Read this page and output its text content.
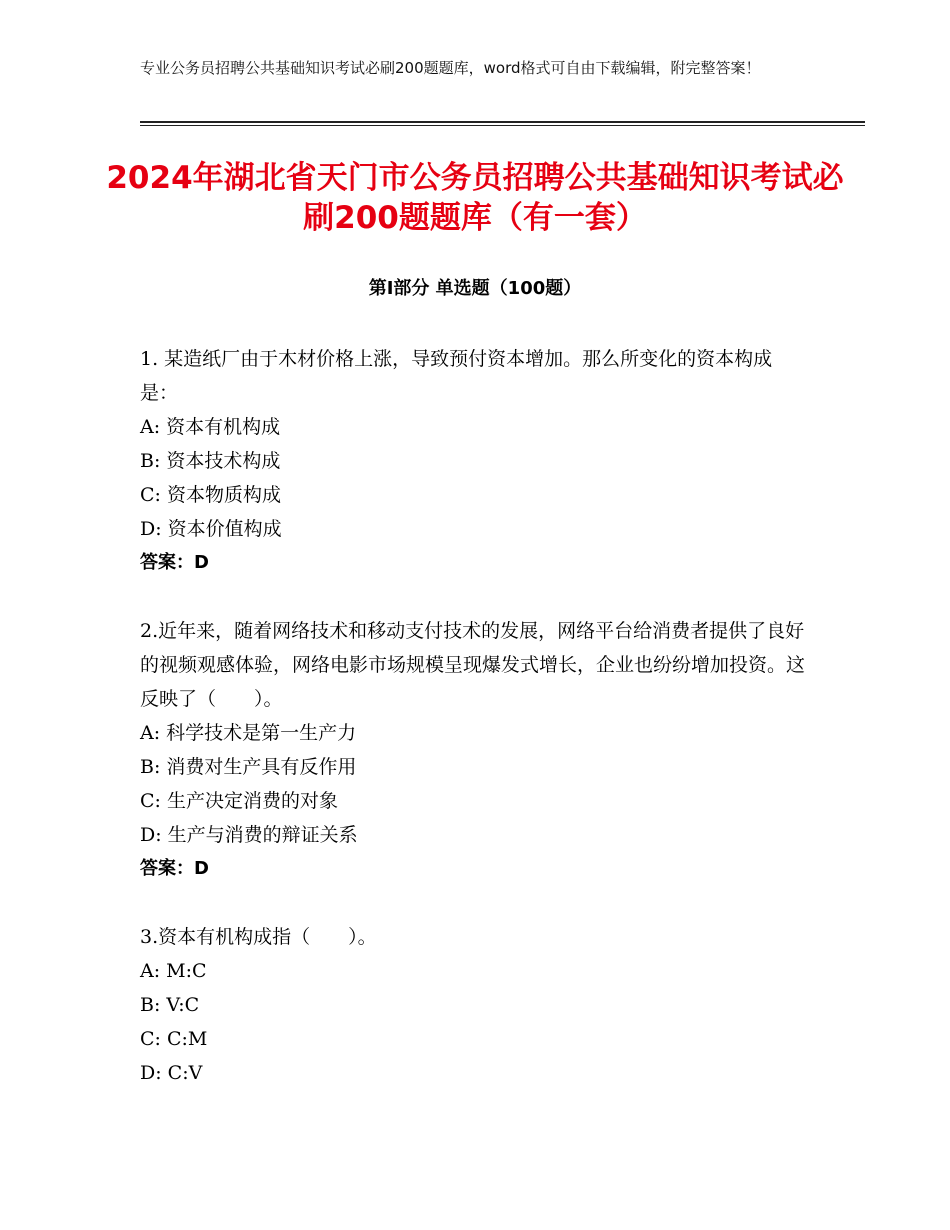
专业公务员招聘公共基础知识考试必刷200题题库，word格式可自由下载编辑，附完整答案！
2024年湖北省天门市公务员招聘公共基础知识考试必刷200题题库（有一套）
第Ⅰ部分 单选题（100题）

1. 某造纸厂由于木材价格上涨，导致预付资本增加。那么所变化的资本构成是：

A: 资本有机构成

B: 资本技术构成

C: 资本物质构成

D: 资本价值构成

答案：D

2.近年来，随着网络技术和移动支付技术的发展，网络平台给消费者提供了良好的视频观感体验，网络电影市场规模呈现爆发式增长，企业也纷纷增加投资。这反映了（　　）。

A: 科学技术是第一生产力

B: 消费对生产具有反作用

C: 生产决定消费的对象

D: 生产与消费的辩证关系

答案：D

3.资本有机构成指（　　）。

A: M:C

B: V:C

C: C:M

D: C:V
